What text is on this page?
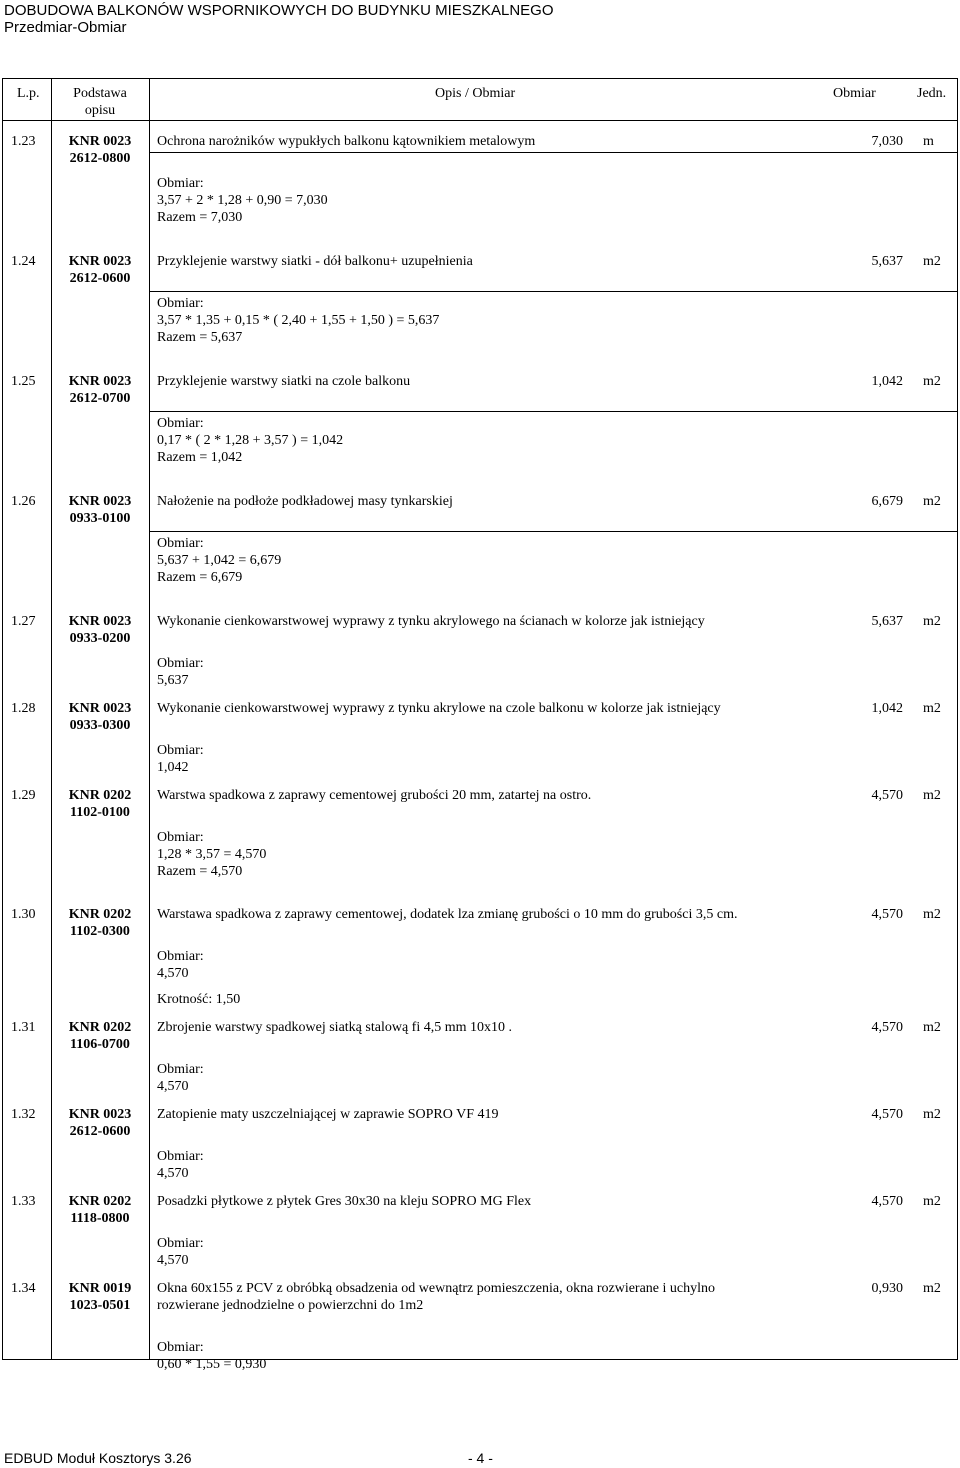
DOBUDOWA BALKONÓW WSPORNIKOWYCH DO BUDYNKU MIESZKALNEGO
Przedmiar-Obmiar
L.p.	Podstawa
opisu
Opis / Obmiar	Obmiar	Jedn.
1.23	KNR 0023
2612-0800
Ochrona narożników wypukłych balkonu kątownikiem metalowym	7,030 m
Obmiar:
3,57 + 2 * 1,28 + 0,90 = 7,030
Razem = 7,030
1.24	KNR 0023
2612-0600
Przyklejenie warstwy siatki - dół balkonu+ uzupełnienia	5,637 m2
Obmiar:
3,57 * 1,35 + 0,15 * ( 2,40 + 1,55 + 1,50 ) = 5,637
Razem = 5,637
1.25	KNR 0023
2612-0700
Przyklejenie warstwy siatki na czole balkonu	1,042 m2
Obmiar:
0,17 * ( 2 * 1,28 + 3,57 ) = 1,042
Razem = 1,042
1.26	KNR 0023
0933-0100
Nałożenie na podłoże podkładowej masy tynkarskiej	6,679 m2
Obmiar:
5,637 + 1,042 = 6,679
Razem = 6,679
1.27	KNR 0023
0933-0200
Wykonanie cienkowarstwowej wyprawy z tynku akrylowego na ścianach w kolorze jak istniejący	5,637 m2
Obmiar:
5,637
1.28	KNR 0023
0933-0300
Wykonanie cienkowarstwowej wyprawy z tynku akrylowe na czole balkonu w kolorze jak istniejący	1,042 m2
Obmiar:
1,042
1.29	KNR 0202
1102-0100
Warstwa spadkowa z zaprawy cementowej grubości 20 mm, zatartej na ostro.	4,570 m2
Obmiar:
1,28 * 3,57 = 4,570
Razem = 4,570
1.30	KNR 0202
1102-0300
Warstawa spadkowa z zaprawy cementowej, dodatek lza zmianę grubości o 10 mm do grubości 3,5 cm.	4,570 m2
Obmiar:
4,570
Krotność: 1,50
1.31	KNR 0202
1106-0700
Zbrojenie warstwy spadkowej siatką stalową fi 4,5 mm 10x10 .	4,570 m2
Obmiar:
4,570
1.32	KNR 0023
2612-0600
Zatopienie maty uszczelniającej w zaprawie SOPRO VF 419	4,570 m2
Obmiar:
4,570
1.33	KNR 0202
1118-0800
Posadzki płytkowe z płytek Gres 30x30 na kleju SOPRO MG Flex	4,570 m2
Obmiar:
4,570
1.34	KNR 0019
1023-0501
Okna 60x155 z PCV z obróbką obsadzenia od wewnątrz pomieszczenia, okna rozwierane i uchylno
rozwierane jednodzielne o powierzchni do 1m2
0,930 m2
Obmiar:
0,60 * 1,55 = 0,930
EDBUD Moduł Kosztorys 3.26	- 4 -
